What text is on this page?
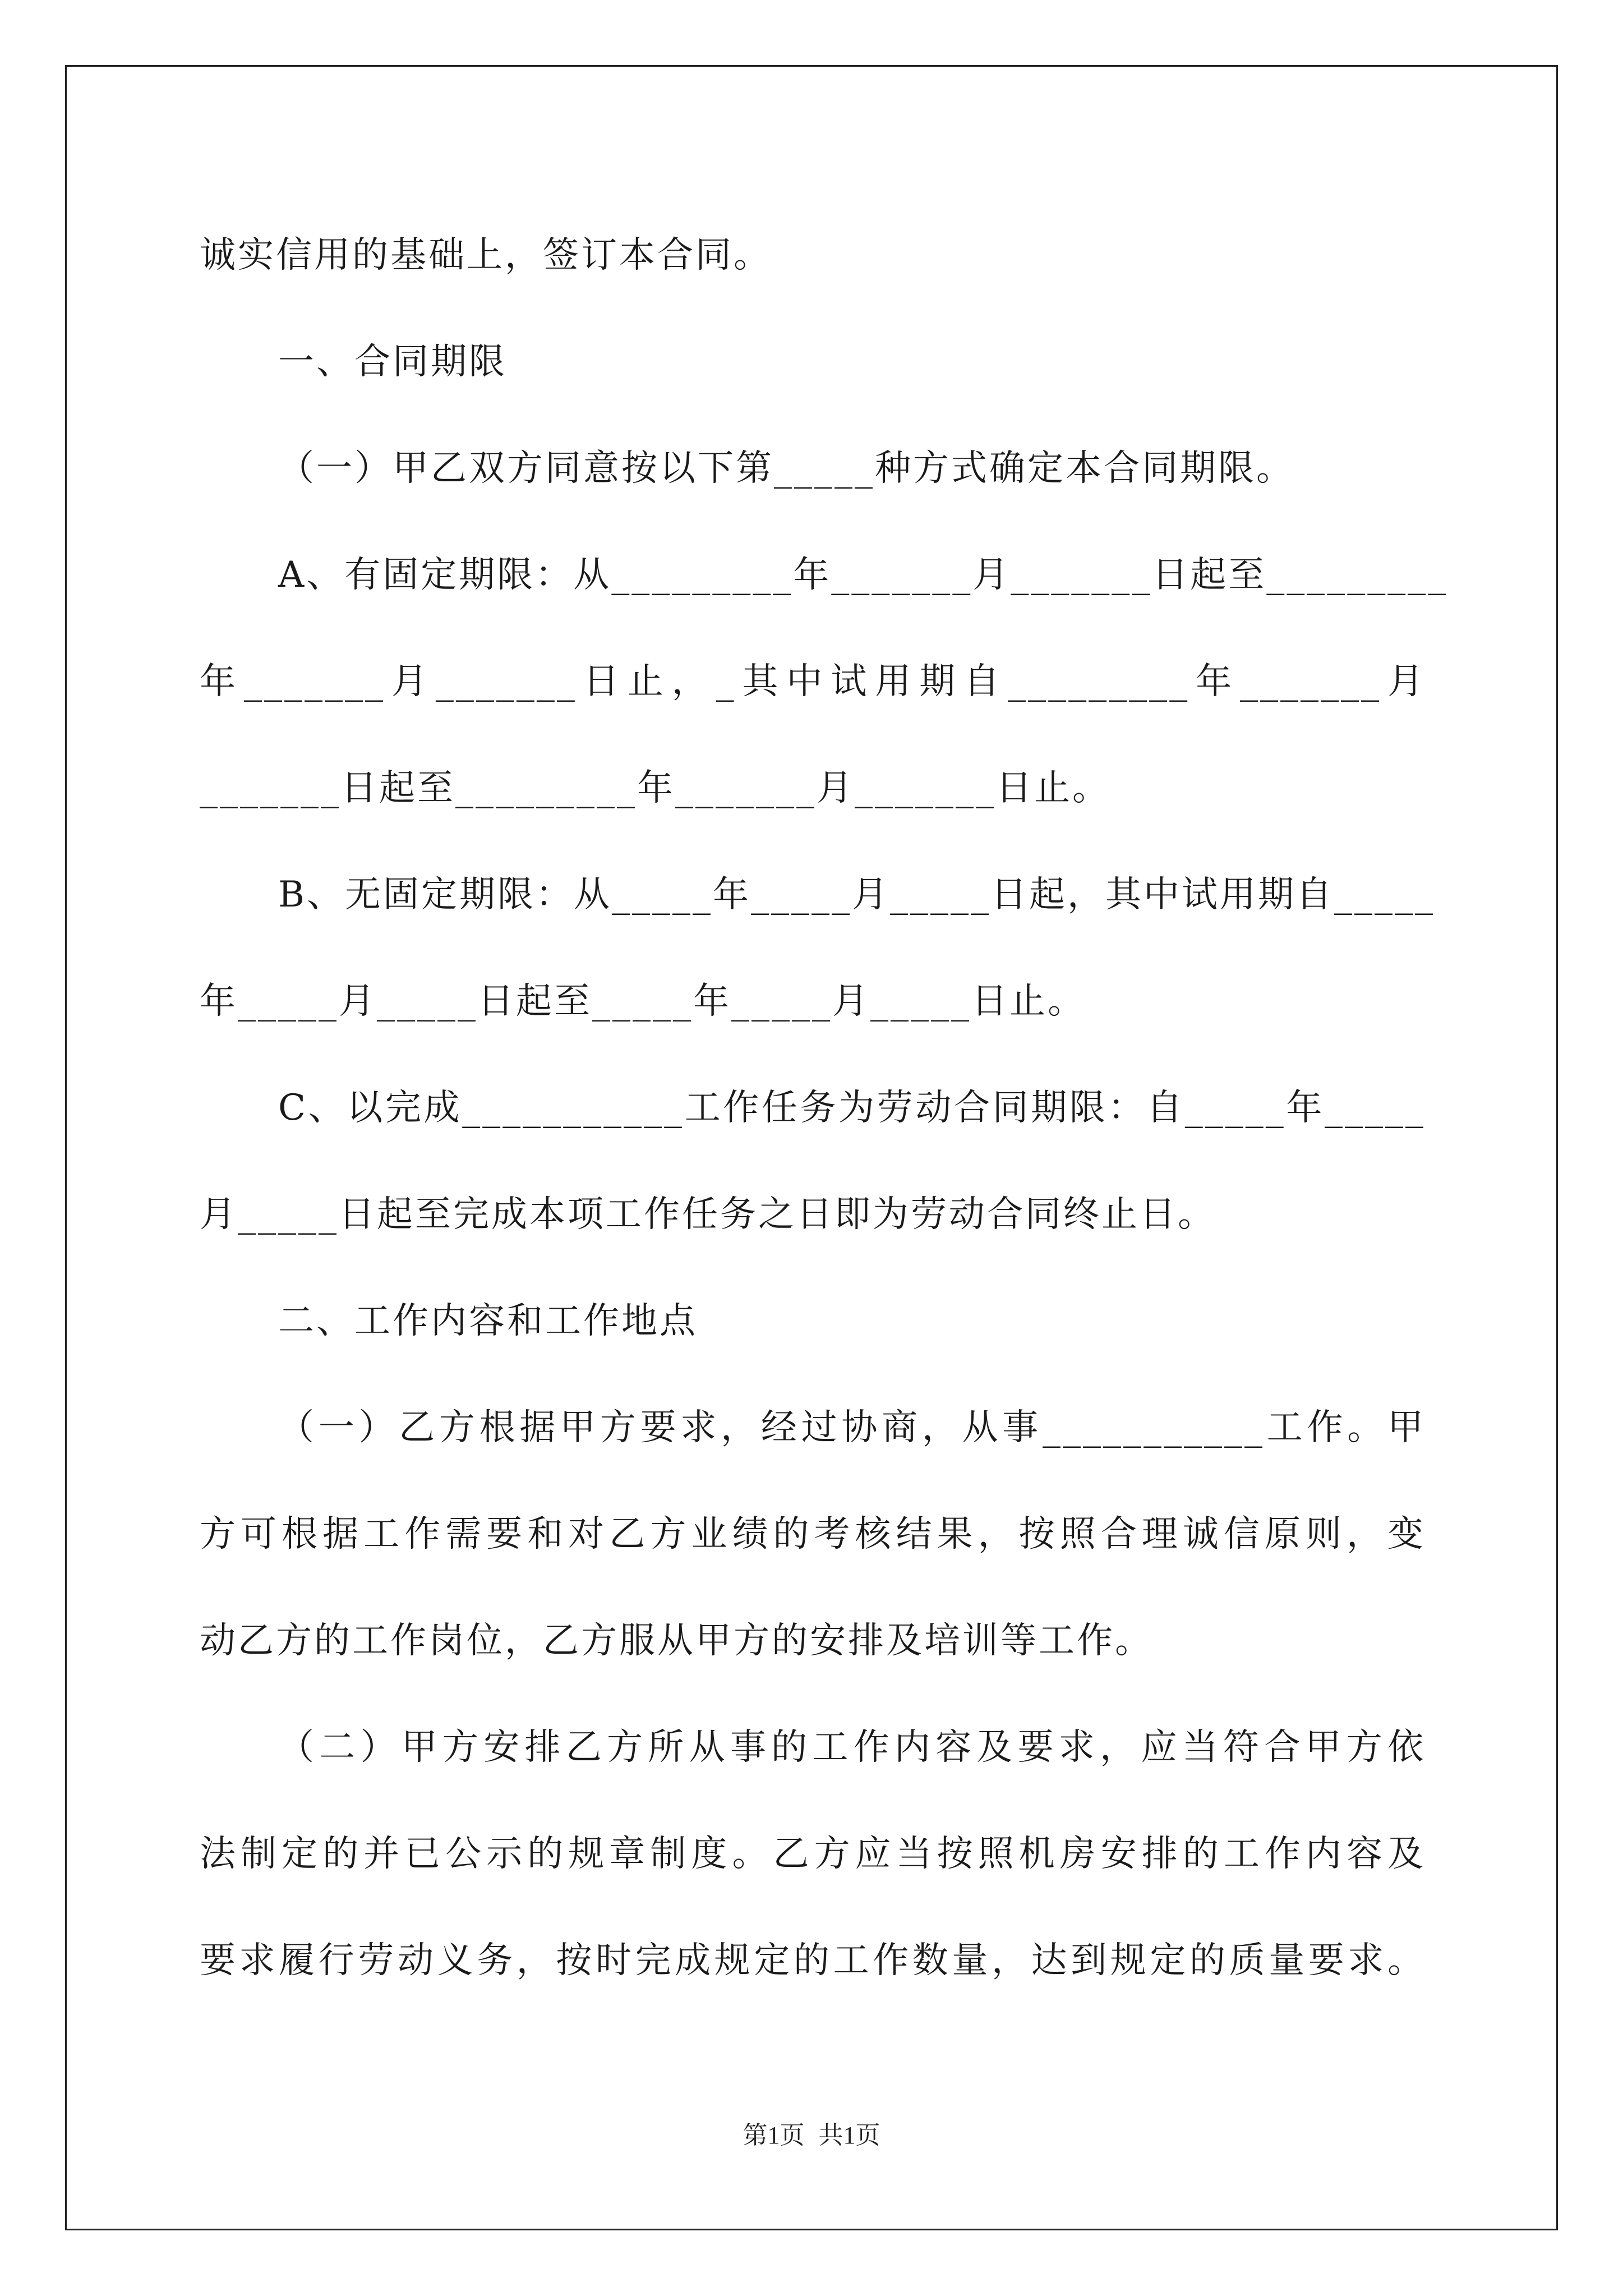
诚实信用的基础上，签订本合同。
一、合同期限
（一）甲乙双方同意按以下第_____种方式确定本合同期限。
A、有固定期限：从_________年_______月_______日起至_________
年_______月_______日止，_其中试用期自_________年_______月
_______日起至_________年_______月_______日止。
B、无固定期限：从_____年_____月_____日起，其中试用期自_____
年_____月_____日起至_____年_____月_____日止。
C、以完成___________工作任务为劳动合同期限：自_____年_____
月_____日起至完成本项工作任务之日即为劳动合同终止日。
二、工作内容和工作地点
（一）乙方根据甲方要求，经过协商，从事___________工作。甲
方可根据工作需要和对乙方业绩的考核结果，按照合理诚信原则，变
动乙方的工作岗位，乙方服从甲方的安排及培训等工作。
（二）甲方安排乙方所从事的工作内容及要求，应当符合甲方依
法制定的并已公示的规章制度。乙方应当按照机房安排的工作内容及
要求履行劳动义务，按时完成规定的工作数量，达到规定的质量要求。
第1页 共1页
